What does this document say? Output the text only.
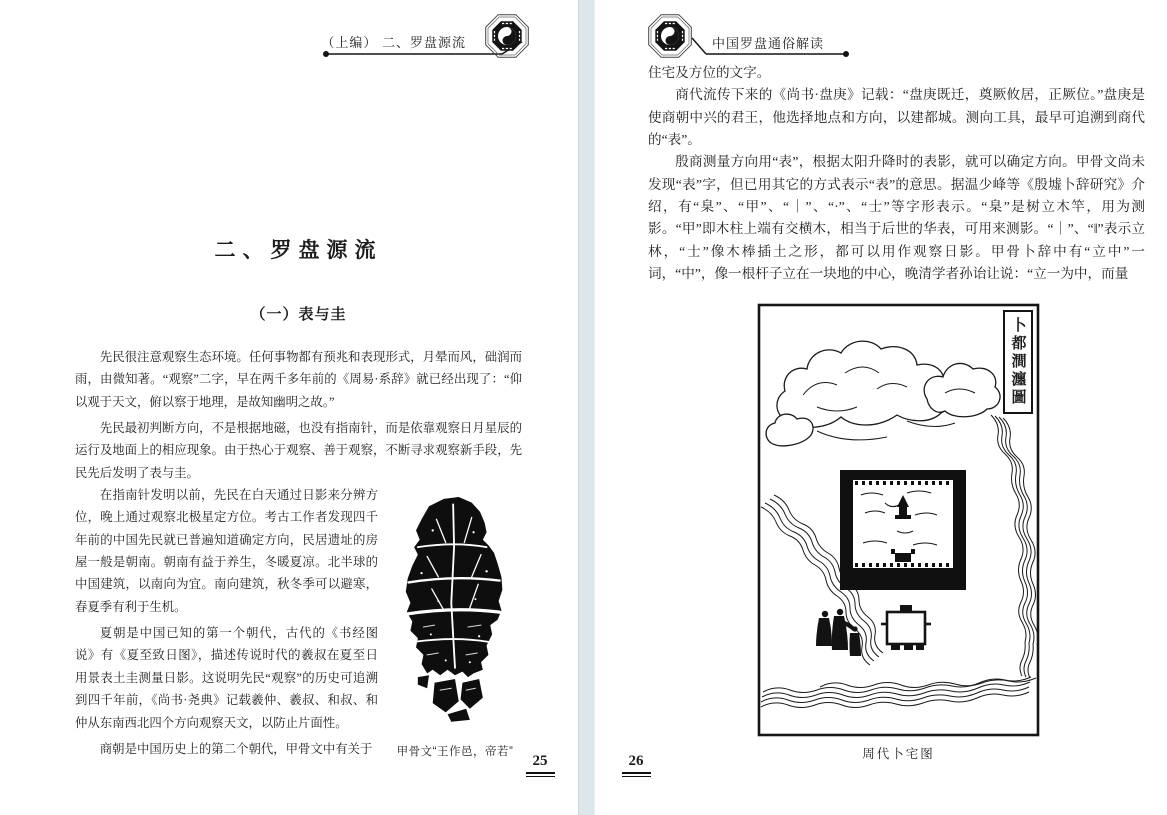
（上编） 二、罗盘源流
二、罗盘源流
（一）表与圭

先民很注意观察生态环境。任何事物都有预兆和表现形式，月晕而风，础润而雨，由微知著。“观察”二字，早在两千多年前的《周易·系辞》就已经出现了：“仰以观于天文，俯以察于地理，是故知幽明之故。”

先民最初判断方向，不是根据地磁，也没有指南针，而是依靠观察日月星辰的运行及地面上的相应现象。由于热心于观察、善于观察，不断寻求观察新手段，先民先后发明了表与圭。

甲骨文“王作邑，帝若”

在指南针发明以前，先民在白天通过日影来分辨方位，晚上通过观察北极星定方位。考古工作者发现四千年前的中国先民就已普遍知道确定方向，民居遗址的房屋一般是朝南。朝南有益于养生，冬暖夏凉。北半球的中国建筑，以南向为宜。南向建筑，秋冬季可以避寒，春夏季有利于生机。

夏朝是中国已知的第一个朝代，古代的《书经图说》有《夏至致日图》，描述传说时代的羲叔在夏至日用景表土圭测量日影。这说明先民“观察”的历史可追溯到四千年前，《尚书·尧典》记载羲仲、羲叔、和叔、和仲从东南西北四个方向观察天文，以防止片面性。

商朝是中国历史上的第二个朝代，甲骨文中有关于

25
中国罗盘通俗解读

住宅及方位的文字。

商代流传下来的《尚书·盘庚》记载：“盘庚既迁，奠厥攸居，正厥位。”盘庚是使商朝中兴的君王，他选择地点和方向，以建都城。测向工具，最早可追溯到商代的“表”。

殷商测量方向用“表”，根据太阳升降时的表影，就可以确定方向。甲骨文尚未发现“表”字，但已用其它的方式表示“表”的意思。据温少峰等《殷墟卜辞研究》介绍，有“臬”、“甲”、“｜”、“·”、“士”等字形表示。“臬”是树立木竿，用为测影。“甲”即木柱上端有交横木，相当于后世的华表，可用来测影。“｜”、“‖”表示立林，“士”像木棒插土之形，都可以用作观察日影。甲骨卜辞中有“立中”一词，“中”，像一根杆子立在一块地的中心，晚清学者孙诒让说：“立一为中，而量

卜都澗瀍圖
周代卜宅图
26
